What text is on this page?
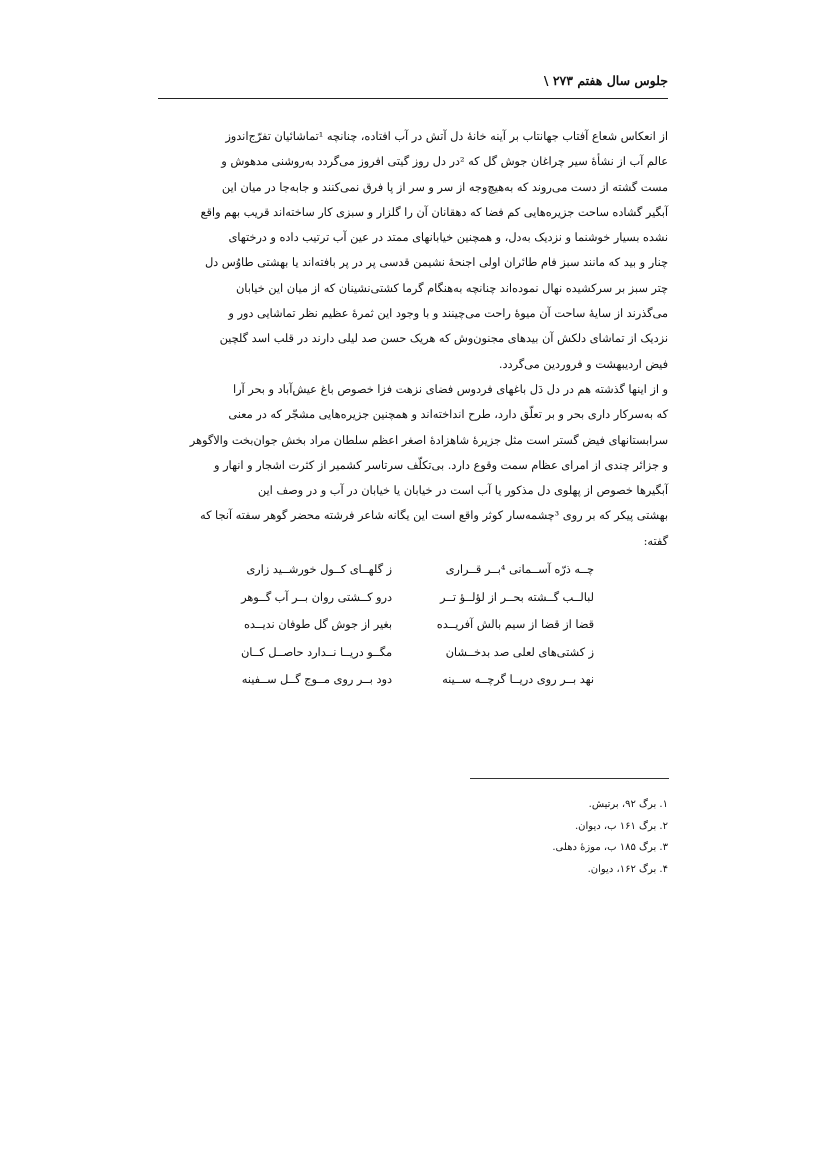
جلوس سال هفتم ‎\ ۲۷۳

از انعکاس شعاع آفتاب جهانتاب بر آینه خانهٔ دل آتش در آب افتاده، چنانچه ¹تماشائیان تفرّج‌اندوز
عالم آب از نشأهٔ سیر چراغان جوش گل که ²در دل روز گیتی افروز می‌گردد به‌روشنی مدهوش و
مست گشته از دست می‌روند که به‌هیچ‌وجه از سر و سر از پا فرق نمی‌کنند و جابه‌جا در میان این
آبگیر گشاده ساحت جزیره‌هایی کم فضا که دهقانان آن را گلزار و سبزی کار ساخته‌اند قریب بهم واقع
نشده بسیار خوشنما و نزدیک به‌دل، و همچنین خیابانهای ممتد در عین آب ترتیب داده و درختهای
چنار و بید که مانند سبز فام طائران اولی اجنحهٔ نشیمن قدسی پر در پر بافته‌اند یا بهشتی طاوُس دل
چتر سبز بر سرکشیده نهال نموده‌اند چنانچه به‌هنگام گرما کشتی‌نشینان که از میان این خیابان
می‌گذرند از سایهٔ ساحت آن میوهٔ راحت می‌چینند و با وجود این ثمرهٔ عظیم نظر تماشایی دور و
نزدیک از تماشای دلکش آن بیدهای مجنون‌وش که هریک حسن صد لیلی دارند در قلب اسد گلچین
فیض اردیبهشت و فروردین می‌گردد.

و از اینها گذشته هم در دل دَل باغهای فردوس فضای نزهت فزا خصوص باغ عیش‌آباد و بحر آرا
که به‌سرکار داری بحر و بر تعلّق دارد، طرح انداخته‌اند و همچنین جزیره‌هایی مشجّر که در معنی
سرابستانهای فیض گستر است مثل جزیرهٔ شاهزادهٔ اصغر اعظم سلطان مراد بخش جوان‌بخت والاگوهر
و جزائر چندی از امرای عظام سمت وقوع دارد. بی‌تکلّف سرتاسر کشمیر از کثرت اشجار و انهار و
آبگیرها خصوص از پهلوی دل مذکور یا آب است در خیابان یا خیابان در آب و در وصف این
بهشتی پیکر که بر روی ³چشمه‌سار کوثر واقع است این یگانه شاعر فرشته محضر گوهر سفته آنجا که
گفته:

چــه ذرّه آســمانی ⁴بــر قــراری
ز گلهــای کــول خورشــید زاری
لبالــب گــشته بحــر از لؤلــؤ تــر
درو کــشتی روان بــر آب گــوهر
قضا از قضا از سیم بالش آفریــده
بغیر از جوش گل طوفان ندیــده
ز کشتی‌های لعلی صد بدخــشان
مگــو دریــا نــدارد حاصــل کــان
نهد بــر روی دریــا گرچــه ســینه
دود بــر روی مــوج گــل ســفینه
۱. برگ ۹۲، برتیش.
۲. برگ ۱۶۱ ب، دیوان.
۳. برگ ۱۸۵ ب، موزهٔ دهلی.
۴. برگ ۱۶۲، دیوان.
